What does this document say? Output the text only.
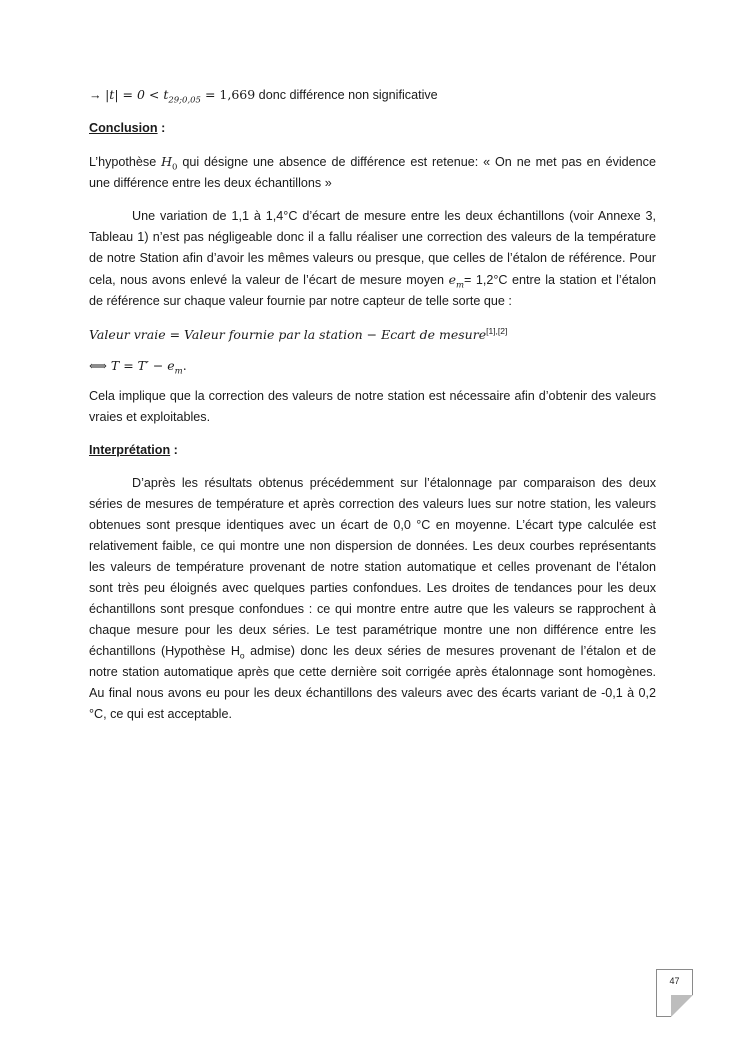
→ $|t| = 0 < t_{29;0,05} = 1,669$ donc différence non significative

Conclusion :

L’hypothèse $H_0$ qui désigne une absence de différence est retenue: « On ne met pas en évidence une différence entre les deux échantillons »

Une variation de 1,1 à 1,4°C d’écart de mesure entre les deux échantillons (voir Annexe 3, Tableau 1) n’est pas négligeable donc il a fallu réaliser une correction des valeurs de la température de notre Station afin d’avoir les mêmes valeurs ou presque, que celles de l’étalon de référence. Pour cela, nous avons enlevé la valeur de l’écart de mesure moyen $e_m= 1,2^\circ C$ entre la station et l’étalon de référence sur chaque valeur fournie par notre capteur de telle sorte que :

Valeur vraie = Valeur fournie par la station − Ecart de mesure[1],[2]

⟺ $T = T' - e_m$.

Cela implique que la correction des valeurs de notre station est nécessaire afin d’obtenir des valeurs vraies et exploitables.

Interprétation :

D’après les résultats obtenus précédemment sur l’étalonnage par comparaison des deux séries de mesures de température et après correction des valeurs lues sur notre station, les valeurs obtenues sont presque identiques avec un écart de 0,0 °C en moyenne. L’écart type calculée est relativement faible, ce qui montre une non dispersion de données. Les deux courbes représentants les valeurs de température provenant de notre station automatique et celles provenant de l’étalon sont très peu éloignés avec quelques parties confondues. Les droites de tendances pour les deux échantillons sont presque confondues : ce qui montre entre autre que les valeurs se rapprochent à chaque mesure pour les deux séries. Le test paramétrique montre une non différence entre les échantillons (Hypothèse $H_o$ admise) donc les deux séries de mesures provenant de l’étalon et de notre station automatique après que cette dernière soit corrigée après étalonnage sont homogènes. Au final nous avons eu pour les deux échantillons des valeurs avec des écarts variant de -0,1 à 0,2 °C, ce qui est acceptable.

47
